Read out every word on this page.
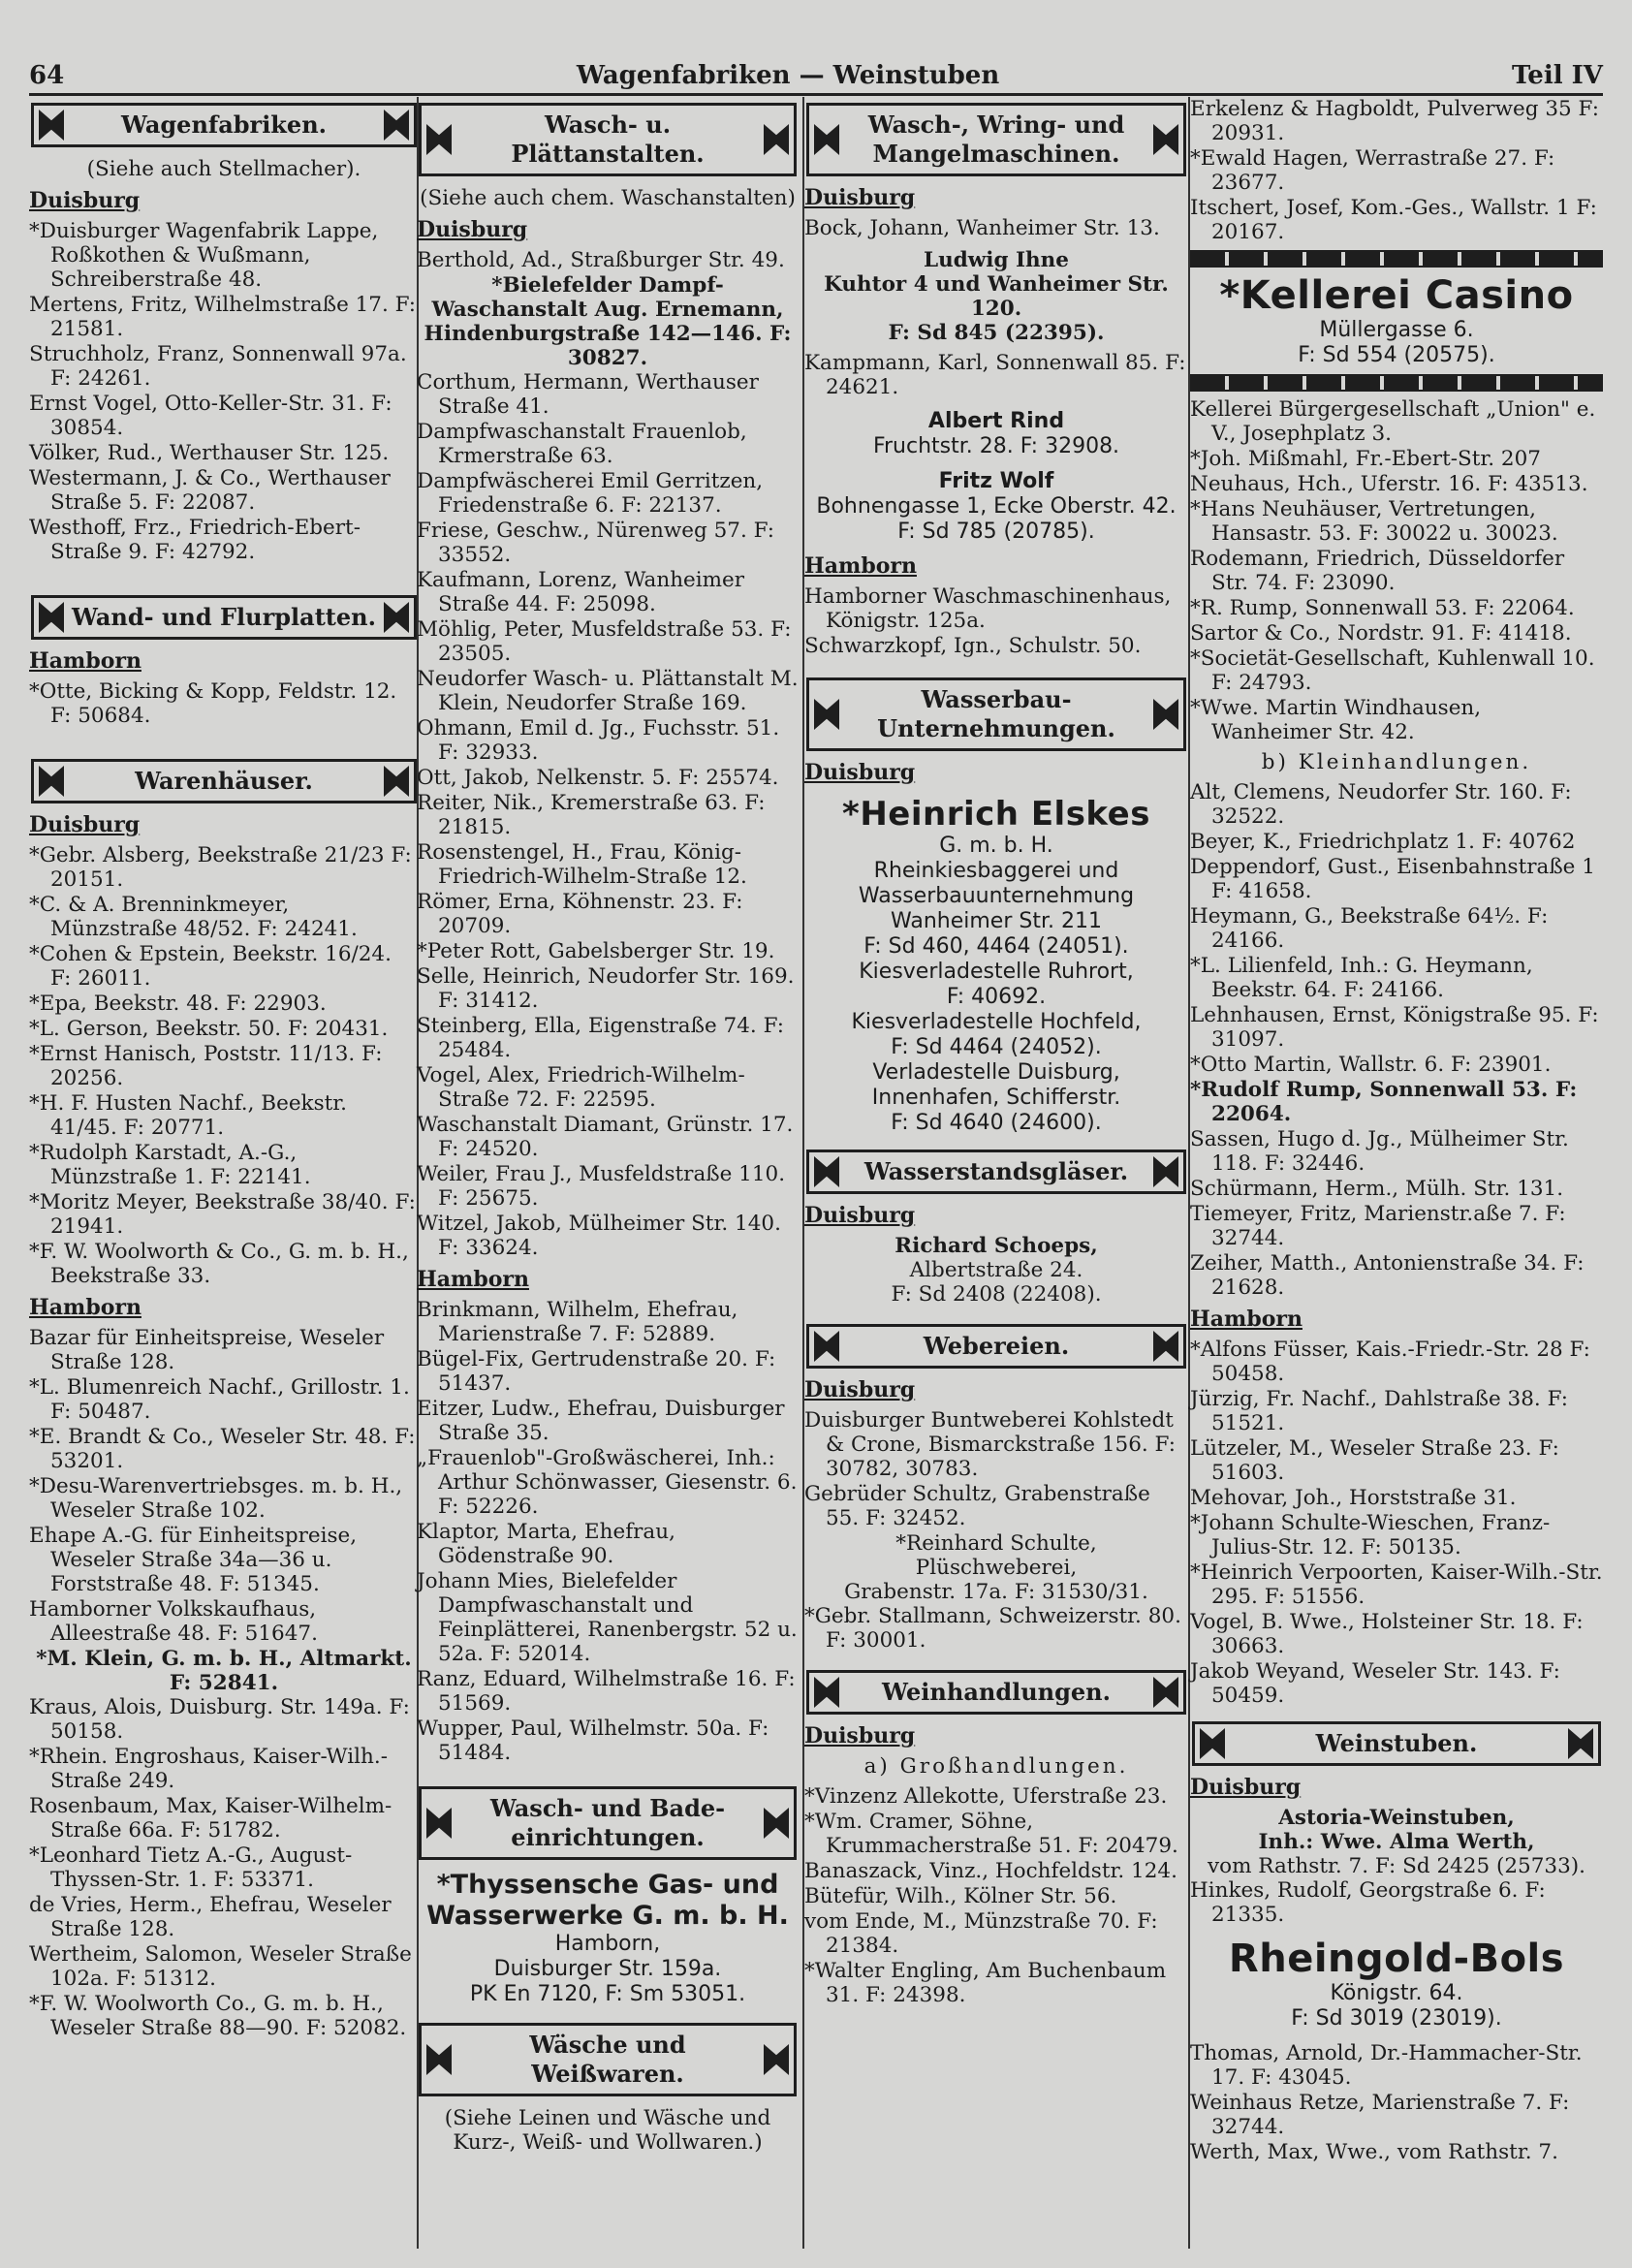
64	Wagenfabriken — Weinstuben	Teil IV
Wagenfabriken.
(Siehe auch Stellmacher).
Duisburg
*Duisburger Wagenfabrik Lappe, Roßkothen & Wußmann, Schreiberstraße 48.
Mertens, Fritz, Wilhelmstraße 17. F: 21581.
Struchholz, Franz, Sonnenwall 97a. F: 24261.
Ernst Vogel, Otto-Keller-Str. 31. F: 30854.
Völker, Rud., Werthauser Str. 125.
Westermann, J. & Co., Werthauser Straße 5. F: 22087.
Westhoff, Frz., Friedrich-Ebert-Straße 9. F: 42792.
Wand- und Flurplatten.
Hamborn
*Otte, Bicking & Kopp, Feldstr. 12. F: 50684.
Warenhäuser.
Duisburg
*Gebr. Alsberg, Beekstraße 21/23 F: 20151.
*C. & A. Brenninkmeyer, Münzstraße 48/52. F: 24241.
*Cohen & Epstein, Beekstr. 16/24. F: 26011.
*Epa, Beekstr. 48. F: 22903.
*L. Gerson, Beekstr. 50. F: 20431.
*Ernst Hanisch, Poststr. 11/13. F: 20256.
*H. F. Husten Nachf., Beekstr. 41/45. F: 20771.
*Rudolph Karstadt, A.-G., Münzstraße 1. F: 22141.
*Moritz Meyer, Beekstraße 38/40. F: 21941.
*F. W. Woolworth & Co., G. m. b. H., Beekstraße 33.
Hamborn
Bazar für Einheitspreise, Weseler Straße 128.
*L. Blumenreich Nachf., Grillostr. 1. F: 50487.
*E. Brandt & Co., Weseler Str. 48. F: 53201.
*Desu-Warenvertriebsges. m. b. H., Weseler Straße 102.
Ehape A.-G. für Einheitspreise, Weseler Straße 34a—36 u. Forststraße 48. F: 51345.
Hamborner Volkskaufhaus, Alleestraße 48. F: 51647.
*M. Klein, G. m. b. H., Altmarkt. F: 52841.
Kraus, Alois, Duisburg. Str. 149a. F: 50158.
*Rhein. Engroshaus, Kaiser-Wilh.-Straße 249.
Rosenbaum, Max, Kaiser-Wilhelm-Straße 66a. F: 51782.
*Leonhard Tietz A.-G., August-Thyssen-Str. 1. F: 53371.
de Vries, Herm., Ehefrau, Weseler Straße 128.
Wertheim, Salomon, Weseler Straße 102a. F: 51312.
*F. W. Woolworth Co., G. m. b. H., Weseler Straße 88—90. F: 52082.
Wasch- u. Plättanstalten.
(Siehe auch chem. Waschanstalten)
Duisburg
Berthold, Ad., Straßburger Str. 49.
*Bielefelder Dampf-Waschanstalt Aug. Ernemann, Hindenburgstraße 142—146. F: 30827.
Corthum, Hermann, Werthauser Straße 41.
Dampfwaschanstalt Frauenlob, Krmerstraße 63.
Dampfwäscherei Emil Gerritzen, Friedenstraße 6. F: 22137.
Friese, Geschw., Nürenweg 57. F: 33552.
Kaufmann, Lorenz, Wanheimer Straße 44. F: 25098.
Möhlig, Peter, Musfeldstraße 53. F: 23505.
Neudorfer Wasch- u. Plättanstalt M. Klein, Neudorfer Straße 169.
Ohmann, Emil d. Jg., Fuchsstr. 51. F: 32933.
Ott, Jakob, Nelkenstr. 5. F: 25574.
Reiter, Nik., Kremerstraße 63. F: 21815.
Rosenstengel, H., Frau, König-Friedrich-Wilhelm-Straße 12.
Römer, Erna, Köhnenstr. 23. F: 20709.
*Peter Rott, Gabelsberger Str. 19.
Selle, Heinrich, Neudorfer Str. 169. F: 31412.
Steinberg, Ella, Eigenstraße 74. F: 25484.
Vogel, Alex, Friedrich-Wilhelm-Straße 72. F: 22595.
Waschanstalt Diamant, Grünstr. 17. F: 24520.
Weiler, Frau J., Musfeldstraße 110. F: 25675.
Witzel, Jakob, Mülheimer Str. 140. F: 33624.
Hamborn
Brinkmann, Wilhelm, Ehefrau, Marienstraße 7. F: 52889.
Bügel-Fix, Gertrudenstraße 20. F: 51437.
Eitzer, Ludw., Ehefrau, Duisburger Straße 35.
„Frauenlob"-Großwäscherei, Inh.: Arthur Schönwasser, Giesenstr. 6. F: 52226.
Klaptor, Marta, Ehefrau, Gödenstraße 90.
Johann Mies, Bielefelder Dampfwaschanstalt und Feinplätterei, Ranenbergstr. 52 u. 52a. F: 52014.
Ranz, Eduard, Wilhelmstraße 16. F: 51569.
Wupper, Paul, Wilhelmstr. 50a. F: 51484.
Wasch- und Bade-einrichtungen.
*Thyssensche Gas- und Wasserwerke G. m. b. H.
Hamborn,
Duisburger Str. 159a.
PK En 7120, F: Sm 53051.
Wäsche und Weißwaren.
(Siehe Leinen und Wäsche und Kurz-, Weiß- und Wollwaren.)
Wasch-, Wring- und Mangelmaschinen.
Duisburg
Bock, Johann, Wanheimer Str. 13.
Ludwig Ihne
Kuhtor 4 und Wanheimer Str. 120.
F: Sd 845 (22395).
Kampmann, Karl, Sonnenwall 85. F: 24621.
Albert Rind
Fruchtstr. 28. F: 32908.
Fritz Wolf
Bohnengasse 1, Ecke Oberstr. 42. F: Sd 785 (20785).
Hamborn
Hamborner Waschmaschinenhaus, Königstr. 125a.
Schwarzkopf, Ign., Schulstr. 50.
Wasserbau-Unternehmungen.
Duisburg
*Heinrich Elskes
G. m. b. H.
Rheinkiesbaggerei und
Wasserbauunternehmung
Wanheimer Str. 211
F: Sd 460, 4464 (24051).
Kiesverladestelle Ruhrort,
F: 40692.
Kiesverladestelle Hochfeld,
F: Sd 4464 (24052).
Verladestelle Duisburg,
Innenhafen, Schifferstr.
F: Sd 4640 (24600).
Wasserstandsgläser.
Duisburg
Richard Schoeps,
Albertstraße 24.
F: Sd 2408 (22408).
Webereien.
Duisburg
Duisburger Buntweberei Kohlstedt & Crone, Bismarckstraße 156. F: 30782, 30783.
Gebrüder Schultz, Grabenstraße 55. F: 32452.
*Reinhard Schulte,
Plüschweberei,
Grabenstr. 17a. F: 31530/31.
*Gebr. Stallmann, Schweizerstr. 80. F: 30001.
Weinhandlungen.
Duisburg
a) Großhandlungen.
*Vinzenz Allekotte, Uferstraße 23.
*Wm. Cramer, Söhne, Krummacherstraße 51. F: 20479.
Banaszack, Vinz., Hochfeldstr. 124.
Bütefür, Wilh., Kölner Str. 56.
vom Ende, M., Münzstraße 70. F: 21384.
*Walter Engling, Am Buchenbaum 31. F: 24398.
Erkelenz & Hagboldt, Pulverweg 35 F: 20931.
*Ewald Hagen, Werrastraße 27. F: 23677.
Itschert, Josef, Kom.-Ges., Wallstr. 1 F: 20167.
*Kellerei Casino
Müllergasse 6.
F: Sd 554 (20575).
Kellerei Bürgergesellschaft „Union" e. V., Josephplatz 3.
*Joh. Mißmahl, Fr.-Ebert-Str. 207
Neuhaus, Hch., Uferstr. 16. F: 43513.
*Hans Neuhäuser, Vertretungen, Hansastr. 53. F: 30022 u. 30023.
Rodemann, Friedrich, Düsseldorfer Str. 74. F: 23090.
*R. Rump, Sonnenwall 53. F: 22064.
Sartor & Co., Nordstr. 91. F: 41418.
*Societät-Gesellschaft, Kuhlenwall 10. F: 24793.
*Wwe. Martin Windhausen, Wanheimer Str. 42.
b) Kleinhandlungen.
Alt, Clemens, Neudorfer Str. 160. F: 32522.
Beyer, K., Friedrichplatz 1. F: 40762
Deppendorf, Gust., Eisenbahnstraße 1 F: 41658.
Heymann, G., Beekstraße 64½. F: 24166.
*L. Lilienfeld, Inh.: G. Heymann, Beekstr. 64. F: 24166.
Lehnhausen, Ernst, Königstraße 95. F: 31097.
*Otto Martin, Wallstr. 6. F: 23901.
*Rudolf Rump, Sonnenwall 53. F: 22064.
Sassen, Hugo d. Jg., Mülheimer Str. 118. F: 32446.
Schürmann, Herm., Mülh. Str. 131.
Tiemeyer, Fritz, Marienstr.aße 7. F: 32744.
Zeiher, Matth., Antonienstraße 34. F: 21628.
Hamborn
*Alfons Füsser, Kais.-Friedr.-Str. 28 F: 50458.
Jürzig, Fr. Nachf., Dahlstraße 38. F: 51521.
Lützeler, M., Weseler Straße 23. F: 51603.
Mehovar, Joh., Horststraße 31.
*Johann Schulte-Wieschen, Franz-Julius-Str. 12. F: 50135.
*Heinrich Verpoorten, Kaiser-Wilh.-Str. 295. F: 51556.
Vogel, B. Wwe., Holsteiner Str. 18. F: 30663.
Jakob Weyand, Weseler Str. 143. F: 50459.
Weinstuben.
Duisburg
Astoria-Weinstuben,
Inh.: Wwe. Alma Werth,
vom Rathstr. 7. F: Sd 2425 (25733).
Hinkes, Rudolf, Georgstraße 6. F: 21335.
Rheingold-Bols
Königstr. 64.
F: Sd 3019 (23019).
Thomas, Arnold, Dr.-Hammacher-Str. 17. F: 43045.
Weinhaus Retze, Marienstraße 7. F: 32744.
Werth, Max, Wwe., vom Rathstr. 7.
